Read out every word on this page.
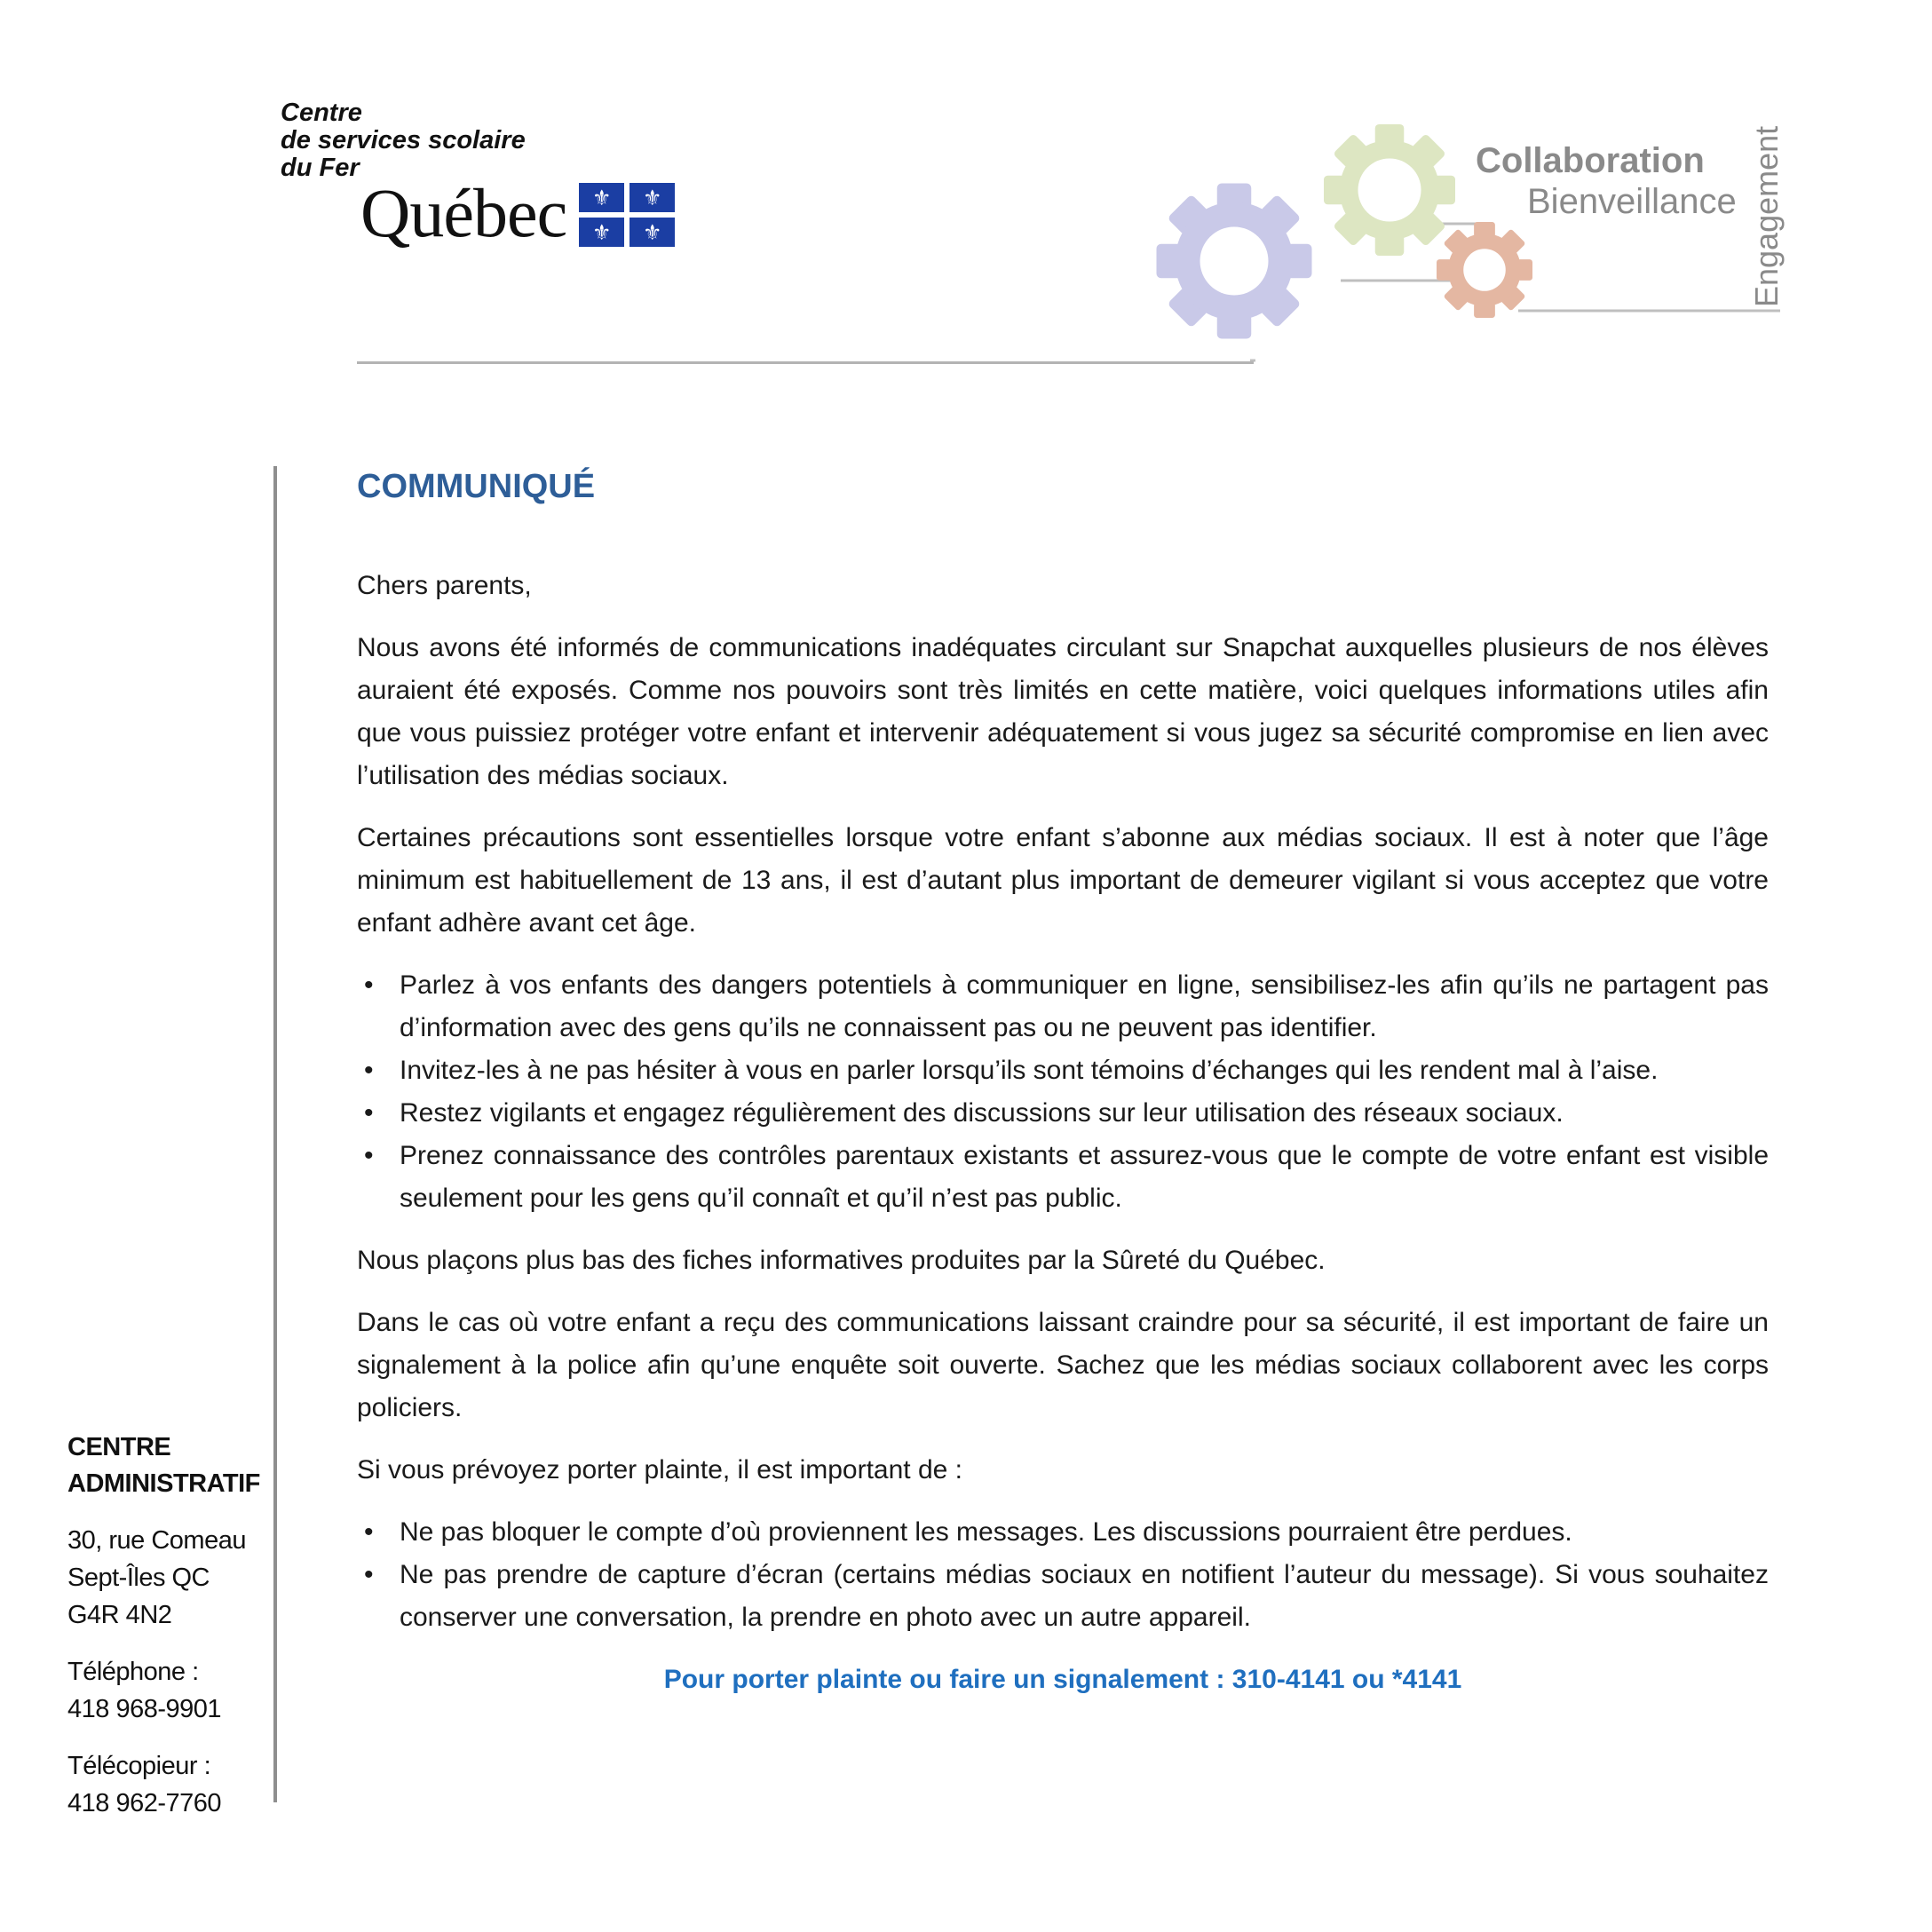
Centre
de services scolaire
du Fer
Québec	⚜	⚜
⚜	⚜
Collaboration
Bienveillance Engagement
CENTRE
ADMINISTRATIF
30, rue Comeau
Sept-Îles QC
G4R 4N2
Téléphone :
418 968-9901
Télécopieur :
418 962-7760
COMMUNIQUÉ

Chers parents,

Nous avons été informés de communications inadéquates circulant sur Snapchat auxquelles plusieurs de nos élèves auraient été exposés. Comme nos pouvoirs sont très limités en cette matière, voici quelques informations utiles afin que vous puissiez protéger votre enfant et intervenir adéquatement si vous jugez sa sécurité compromise en lien avec l’utilisation des médias sociaux.

Certaines précautions sont essentielles lorsque votre enfant s’abonne aux médias sociaux. Il est à noter que l’âge minimum est habituellement de 13 ans, il est d’autant plus important de demeurer vigilant si vous acceptez que votre enfant adhère avant cet âge.

• Parlez à vos enfants des dangers potentiels à communiquer en ligne, sensibilisez-les afin qu’ils ne partagent pas d’information avec des gens qu’ils ne connaissent pas ou ne peuvent pas identifier.
• Invitez-les à ne pas hésiter à vous en parler lorsqu’ils sont témoins d’échanges qui les rendent mal à l’aise.
• Restez vigilants et engagez régulièrement des discussions sur leur utilisation des réseaux sociaux.
• Prenez connaissance des contrôles parentaux existants et assurez-vous que le compte de votre enfant est visible seulement pour les gens qu’il connaît et qu’il n’est pas public.

Nous plaçons plus bas des fiches informatives produites par la Sûreté du Québec.

Dans le cas où votre enfant a reçu des communications laissant craindre pour sa sécurité, il est important de faire un signalement à la police afin qu’une enquête soit ouverte. Sachez que les médias sociaux collaborent avec les corps policiers.

Si vous prévoyez porter plainte, il est important de :

• Ne pas bloquer le compte d’où proviennent les messages. Les discussions pourraient être perdues.
• Ne pas prendre de capture d’écran (certains médias sociaux en notifient l’auteur du message). Si vous souhaitez conserver une conversation, la prendre en photo avec un autre appareil.
Pour porter plainte ou faire un signalement : 310-4141 ou *4141
